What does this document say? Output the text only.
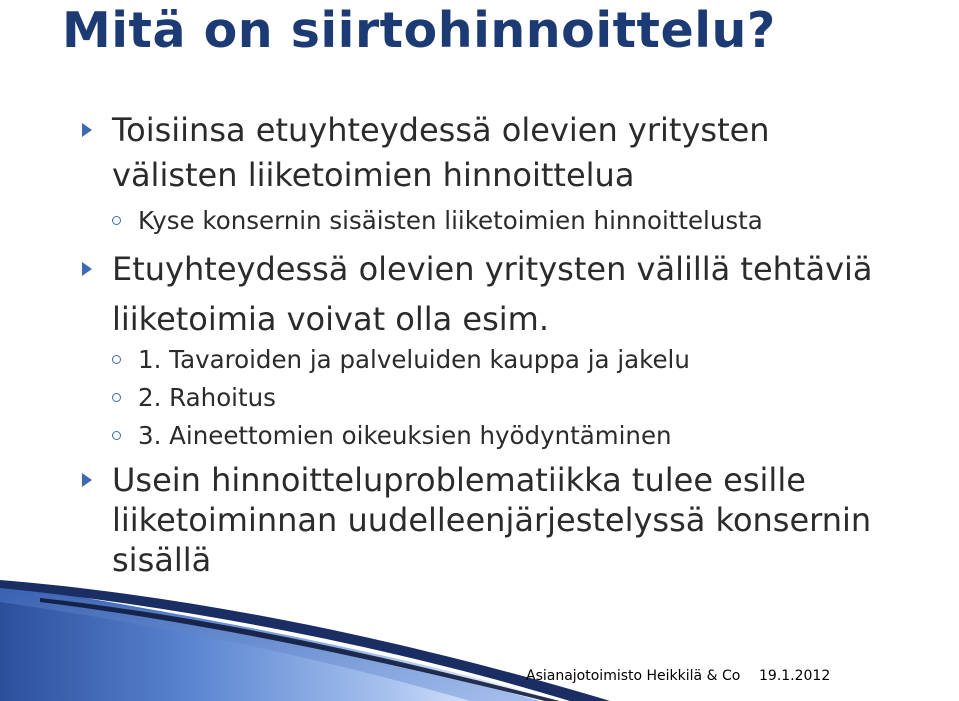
Mitä on siirtohinnoittelu?
Toisiinsa etuyhteydessä olevien yritysten
välisten liiketoimien hinnoittelua
Kyse konsernin sisäisten liiketoimien hinnoittelusta
Etuyhteydessä olevien yritysten välillä tehtäviä
liiketoimia voivat olla esim.
1. Tavaroiden ja palveluiden kauppa ja jakelu
2. Rahoitus
3. Aineettomien oikeuksien hyödyntäminen
Usein hinnoitteluproblematiikka tulee esille
liiketoiminnan uudelleenjärjestelyssä konsernin
sisällä
Asianajotoimisto Heikkilä & Co 19.1.2012
